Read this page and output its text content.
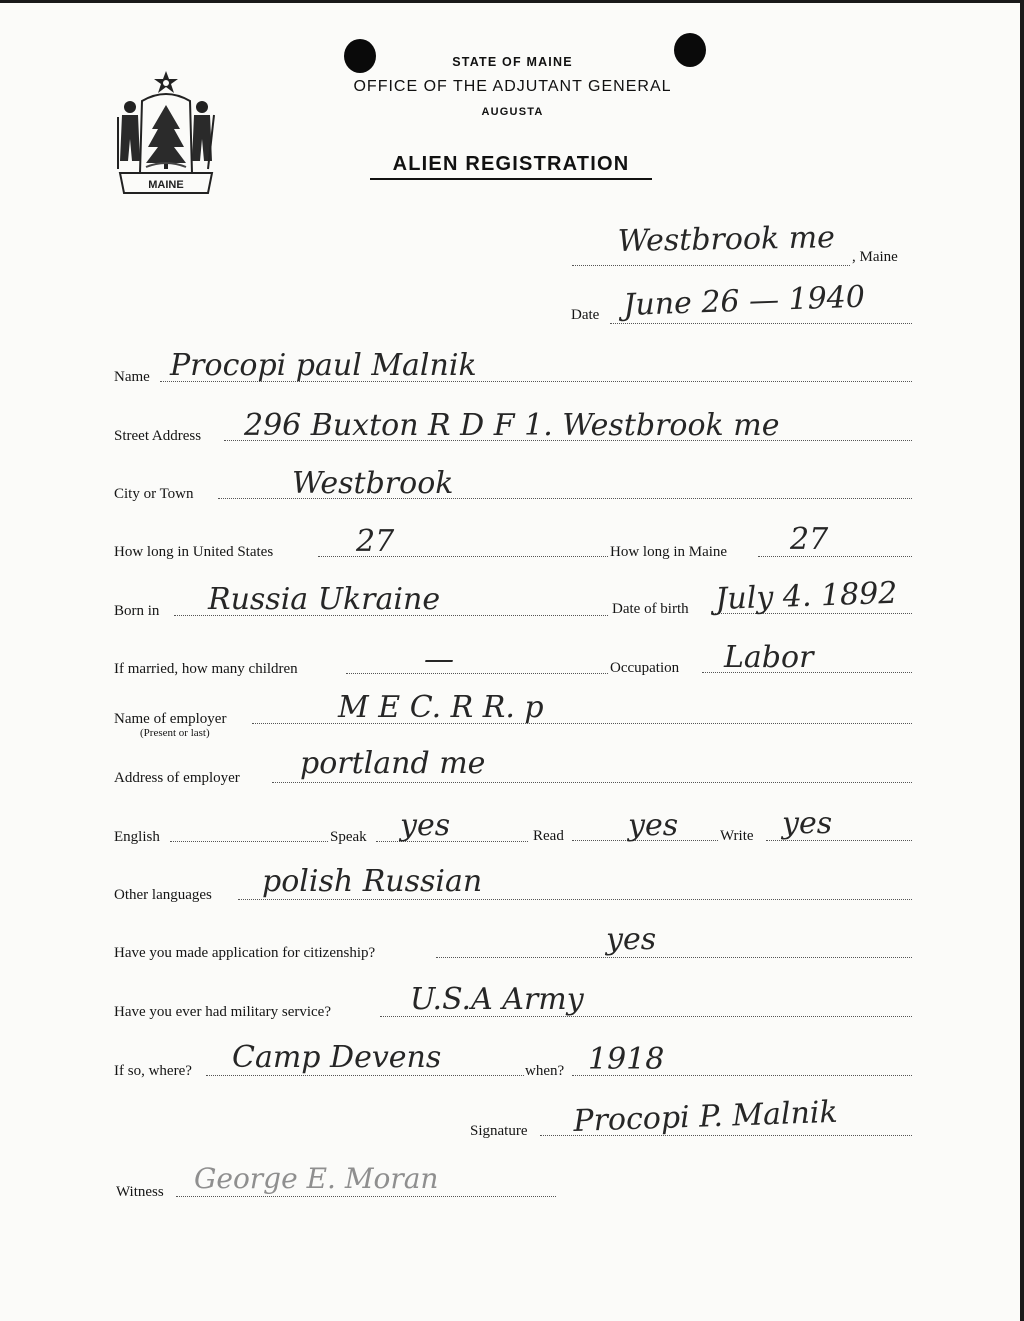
MAINE
STATE OF MAINE
OFFICE OF THE ADJUTANT GENERAL
AUGUSTA
ALIEN REGISTRATION
Westbrook me , Maine
Date June 26 — 1940
Name Procopi paul Malnik
Street Address 296 Buxton R D F 1. Westbrook me
City or Town	Westbrook
How long in United States	27	How long in Maine 27
Born in Russia Ukraine	Date of birth July 4. 1892
If married, how many children	—	Occupation Labor
Name of employer
(Present or last)
M E C. R R. p
Address of employer portland me
English	Speak yes	Read yes	Write yes
Other languages polish Russian
Have you made application for citizenship?	yes
Have you ever had military service?	U.S.A Army
If so, where? Camp Devens	when? 1918
Signature Procopi P. Malnik
Witness George E. Moran
